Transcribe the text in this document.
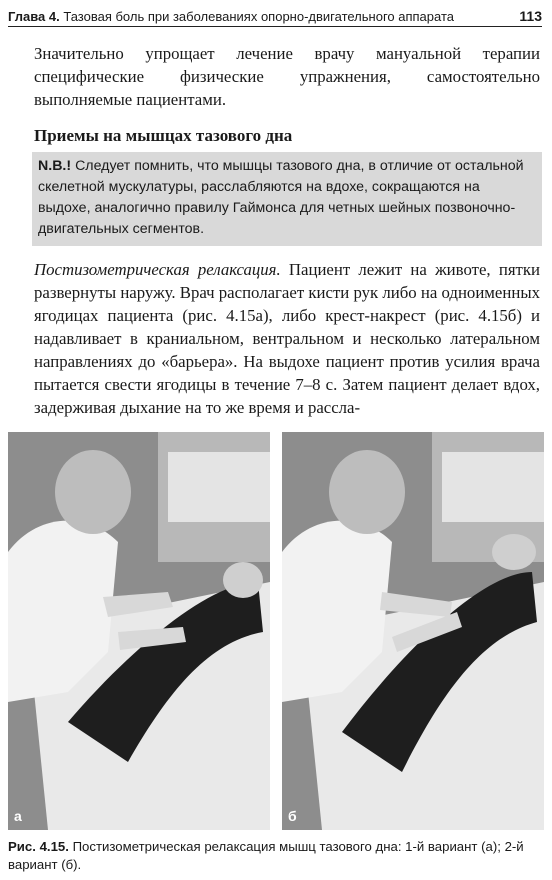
Глава 4. Тазовая боль при заболеваниях опорно-двигательного аппарата	113
Значительно упрощает лечение врачу мануальной терапии специфические физические упражнения, самостоятельно выполняемые пациентами.
Приемы на мышцах тазового дна
N.B.! Следует помнить, что мышцы тазового дна, в отличие от остальной скелетной мускулатуры, расслабляются на вдохе, сокращаются на выдохе, аналогично правилу Гаймонса для четных шейных позвоночно-двигательных сегментов.
Постизометрическая релаксация. Пациент лежит на животе, пятки развернуты наружу. Врач располагает кисти рук либо на одноименных ягодицах пациента (рис. 4.15а), либо крест-накрест (рис. 4.15б) и надавливает в краниальном, вентральном и несколько латеральном направлениях до «барьера». На выдохе пациент против усилия врача пытается свести ягодицы в течение 7–8 с. Затем пациент делает вдох, задерживая дыхание на то же время и рассла-
а	б
Рис. 4.15. Постизометрическая релаксация мышц тазового дна: 1-й вариант (а); 2-й вариант (б).
